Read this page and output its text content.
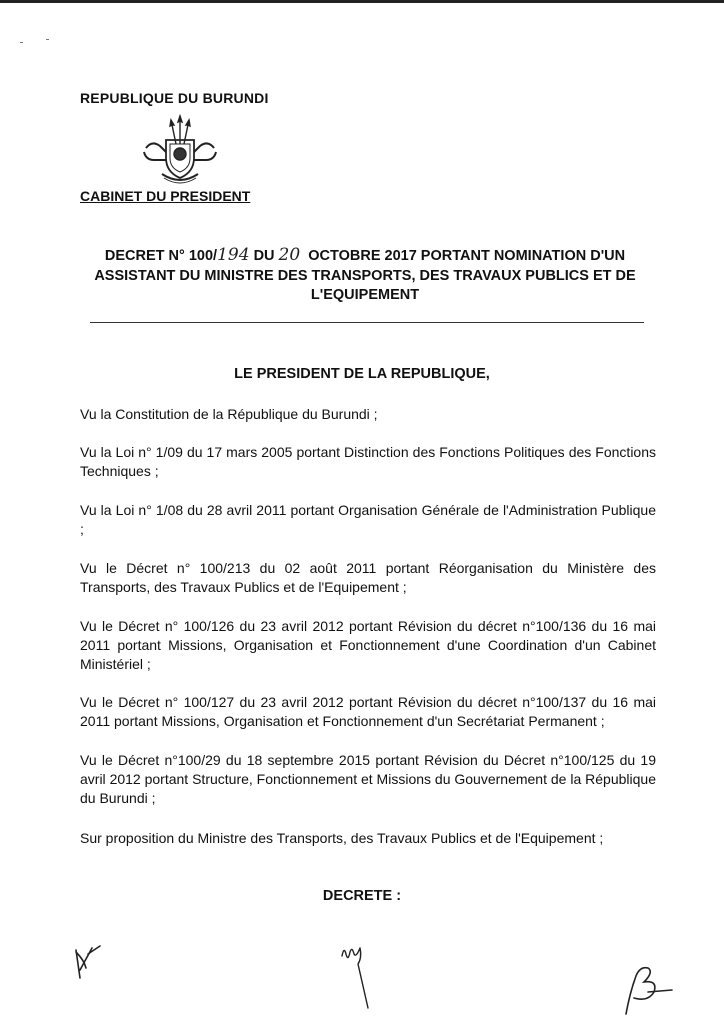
REPUBLIQUE DU BURUNDI
CABINET DU PRESIDENT
DECRET N° 100/194 DU 20 OCTOBRE 2017 PORTANT NOMINATION D'UN
ASSISTANT DU MINISTRE DES TRANSPORTS, DES TRAVAUX PUBLICS ET DE
L'EQUIPEMENT
LE PRESIDENT DE LA REPUBLIQUE,
Vu la Constitution de la République du Burundi ;
Vu la Loi n° 1/09 du 17 mars 2005 portant Distinction des Fonctions Politiques des Fonctions Techniques ;
Vu la Loi n° 1/08 du 28 avril 2011 portant Organisation Générale de l'Administration Publique ;
Vu le Décret n° 100/213 du 02 août 2011 portant Réorganisation du Ministère des Transports, des Travaux Publics et de l'Equipement ;
Vu le Décret n° 100/126 du 23 avril 2012 portant Révision du décret n°100/136 du 16 mai 2011 portant Missions, Organisation et Fonctionnement d'une Coordination d'un Cabinet Ministériel ;
Vu le Décret n° 100/127 du 23 avril 2012 portant Révision du décret n°100/137 du 16 mai 2011 portant Missions, Organisation et Fonctionnement d'un Secrétariat Permanent ;
Vu le Décret n°100/29 du 18 septembre 2015 portant Révision du Décret n°100/125 du 19 avril 2012 portant Structure, Fonctionnement et Missions du Gouvernement de la République du Burundi ;
Sur proposition du Ministre des Transports, des Travaux Publics et de l'Equipement ;
DECRETE :
